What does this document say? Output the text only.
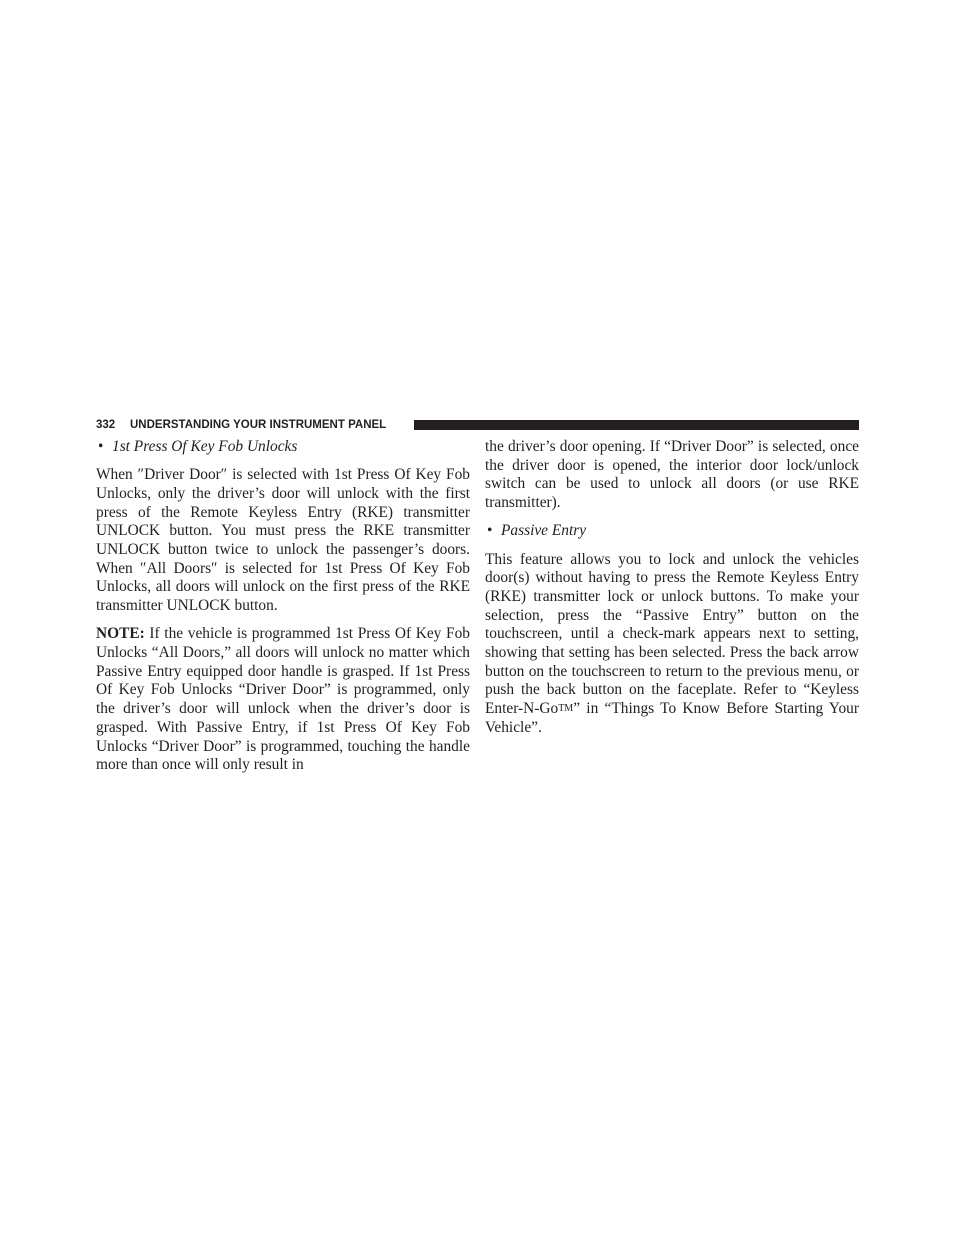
332 UNDERSTANDING YOUR INSTRUMENT PANEL
• 1st Press Of Key Fob Unlocks

When ″Driver Door″ is selected with 1st Press Of Key Fob Unlocks, only the driver’s door will unlock with the first press of the Remote Keyless Entry (RKE) transmitter UNLOCK button. You must press the RKE transmitter UNLOCK button twice to unlock the passenger’s doors. When ″All Doors″ is selected for 1st Press Of Key Fob Unlocks, all doors will unlock on the first press of the RKE transmitter UNLOCK button.

NOTE: If the vehicle is programmed 1st Press Of Key Fob Unlocks “All Doors,” all doors will unlock no matter which Passive Entry equipped door handle is grasped. If 1st Press Of Key Fob Unlocks “Driver Door” is programmed, only the driver’s door will unlock when the driver’s door is grasped. With Passive Entry, if 1st Press Of Key Fob Unlocks “Driver Door” is programmed, touching the handle more than once will only result in

the driver’s door opening. If “Driver Door” is selected, once the driver door is opened, the interior door lock/unlock switch can be used to unlock all doors (or use RKE transmitter).

• Passive Entry

This feature allows you to lock and unlock the vehicles door(s) without having to press the Remote Keyless Entry (RKE) transmitter lock or unlock buttons. To make your selection, press the “Passive Entry” button on the touchscreen, until a check-mark appears next to setting, showing that setting has been selected. Press the back arrow button on the touchscreen to return to the previous menu, or push the back button on the faceplate. Refer to “Keyless Enter-N-Go™” in “Things To Know Before Starting Your Vehicle”.
